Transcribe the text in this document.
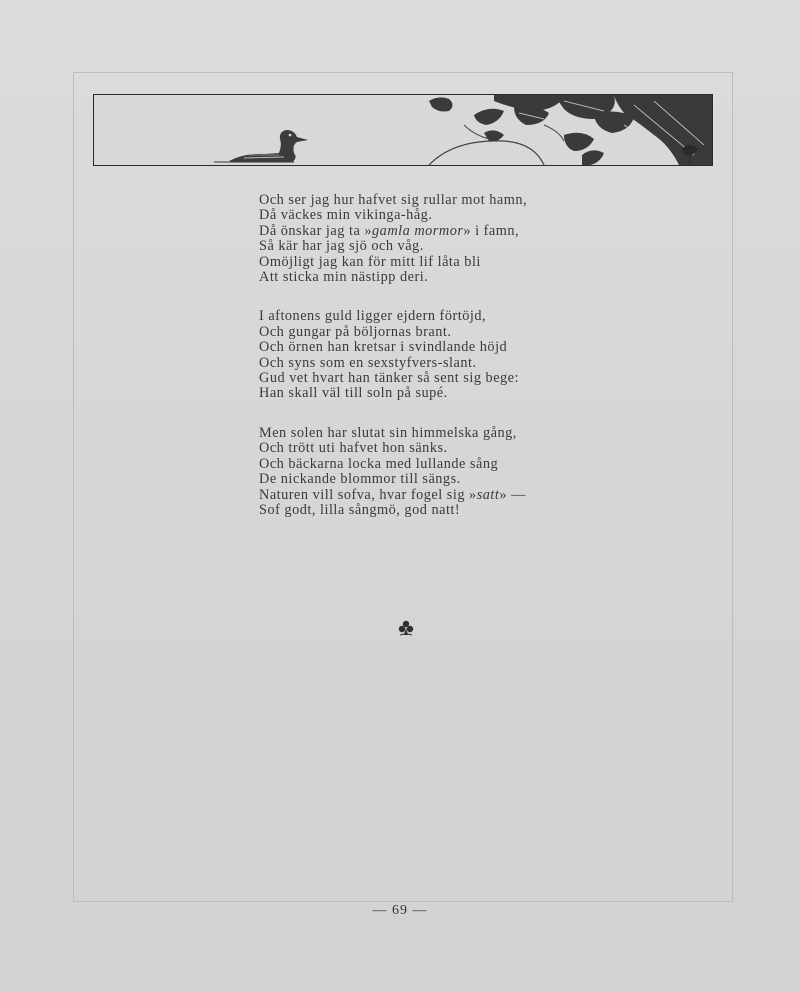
Och ser jag hur hafvet sig rullar mot hamn,
Då väckes min vikinga-håg.
Då önskar jag ta »gamla mormor» i famn,
Så kär har jag sjö och våg.
Omöjligt jag kan för mitt lif låta bli
Att sticka min nästipp deri.
I aftonens guld ligger ejdern förtöjd,
Och gungar på böljornas brant.
Och örnen han kretsar i svindlande höjd
Och syns som en sexstyfvers-slant.
Gud vet hvart han tänker så sent sig bege:
Han skall väl till soln på supé.
Men solen har slutat sin himmelska gång,
Och trött uti hafvet hon sänks.
Och bäckarna locka med lullande sång
De nickande blommor till sängs.
Naturen vill sofva, hvar fogel sig »satt» —
Sof godt, lilla sångmö, god natt!
— 69 —
